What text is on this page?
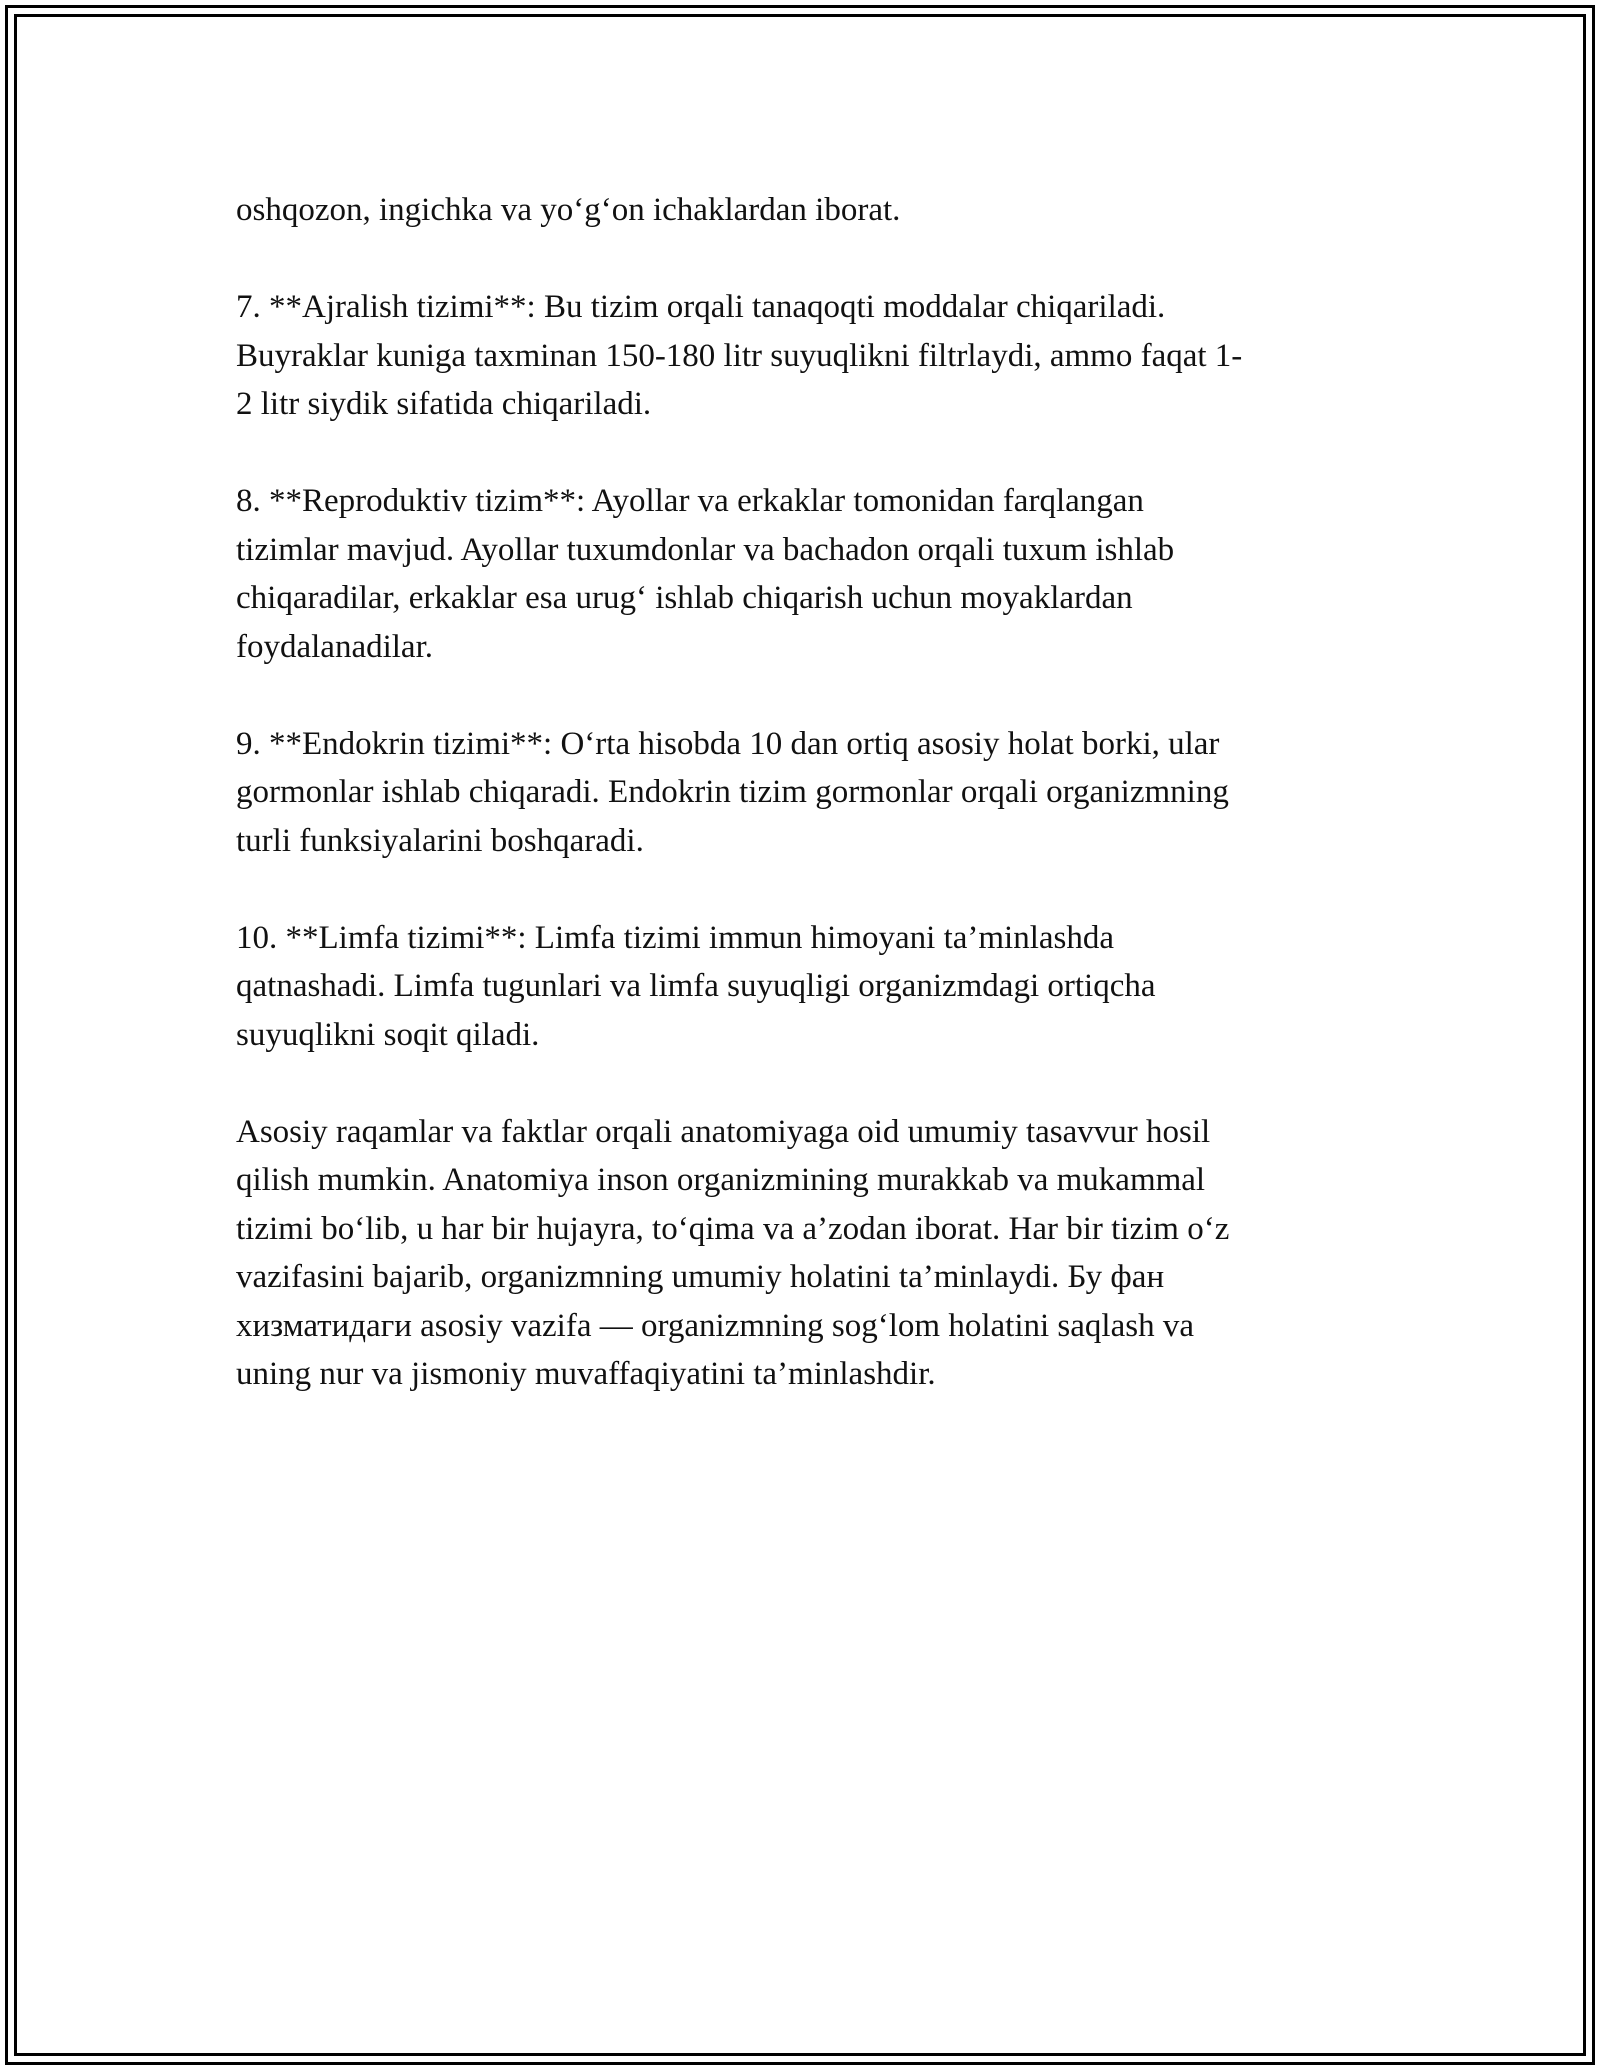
oshqozon, ingichka va yo‘g‘on ichaklardan iborat.

7. **Ajralish tizimi**: Bu tizim orqali tanaqoqti moddalar chiqariladi.
Buyraklar kuniga taxminan 150-180 litr suyuqlikni filtrlaydi, ammo faqat 1-
2 litr siydik sifatida chiqariladi.

8. **Reproduktiv tizim**: Ayollar va erkaklar tomonidan farqlangan
tizimlar mavjud. Ayollar tuxumdonlar va bachadon orqali tuxum ishlab
chiqaradilar, erkaklar esa urug‘ ishlab chiqarish uchun moyaklardan
foydalanadilar.

9. **Endokrin tizimi**: O‘rta hisobda 10 dan ortiq asosiy holat borki, ular
gormonlar ishlab chiqaradi. Endokrin tizim gormonlar orqali organizmning
turli funksiyalarini boshqaradi.

10. **Limfa tizimi**: Limfa tizimi immun himoyani ta’minlashda
qatnashadi. Limfa tugunlari va limfa suyuqligi organizmdagi ortiqcha
suyuqlikni soqit qiladi.

Asosiy raqamlar va faktlar orqali anatomiyaga oid umumiy tasavvur hosil
qilish mumkin. Anatomiya inson organizmining murakkab va mukammal
tizimi bo‘lib, u har bir hujayra, to‘qima va a’zodan iborat. Har bir tizim o‘z
vazifasini bajarib, organizmning umumiy holatini ta’minlaydi. Бу фан
хизматидаги asosiy vazifa — organizmning sog‘lom holatini saqlash va
uning nur va jismoniy muvaffaqiyatini ta’minlashdir.
